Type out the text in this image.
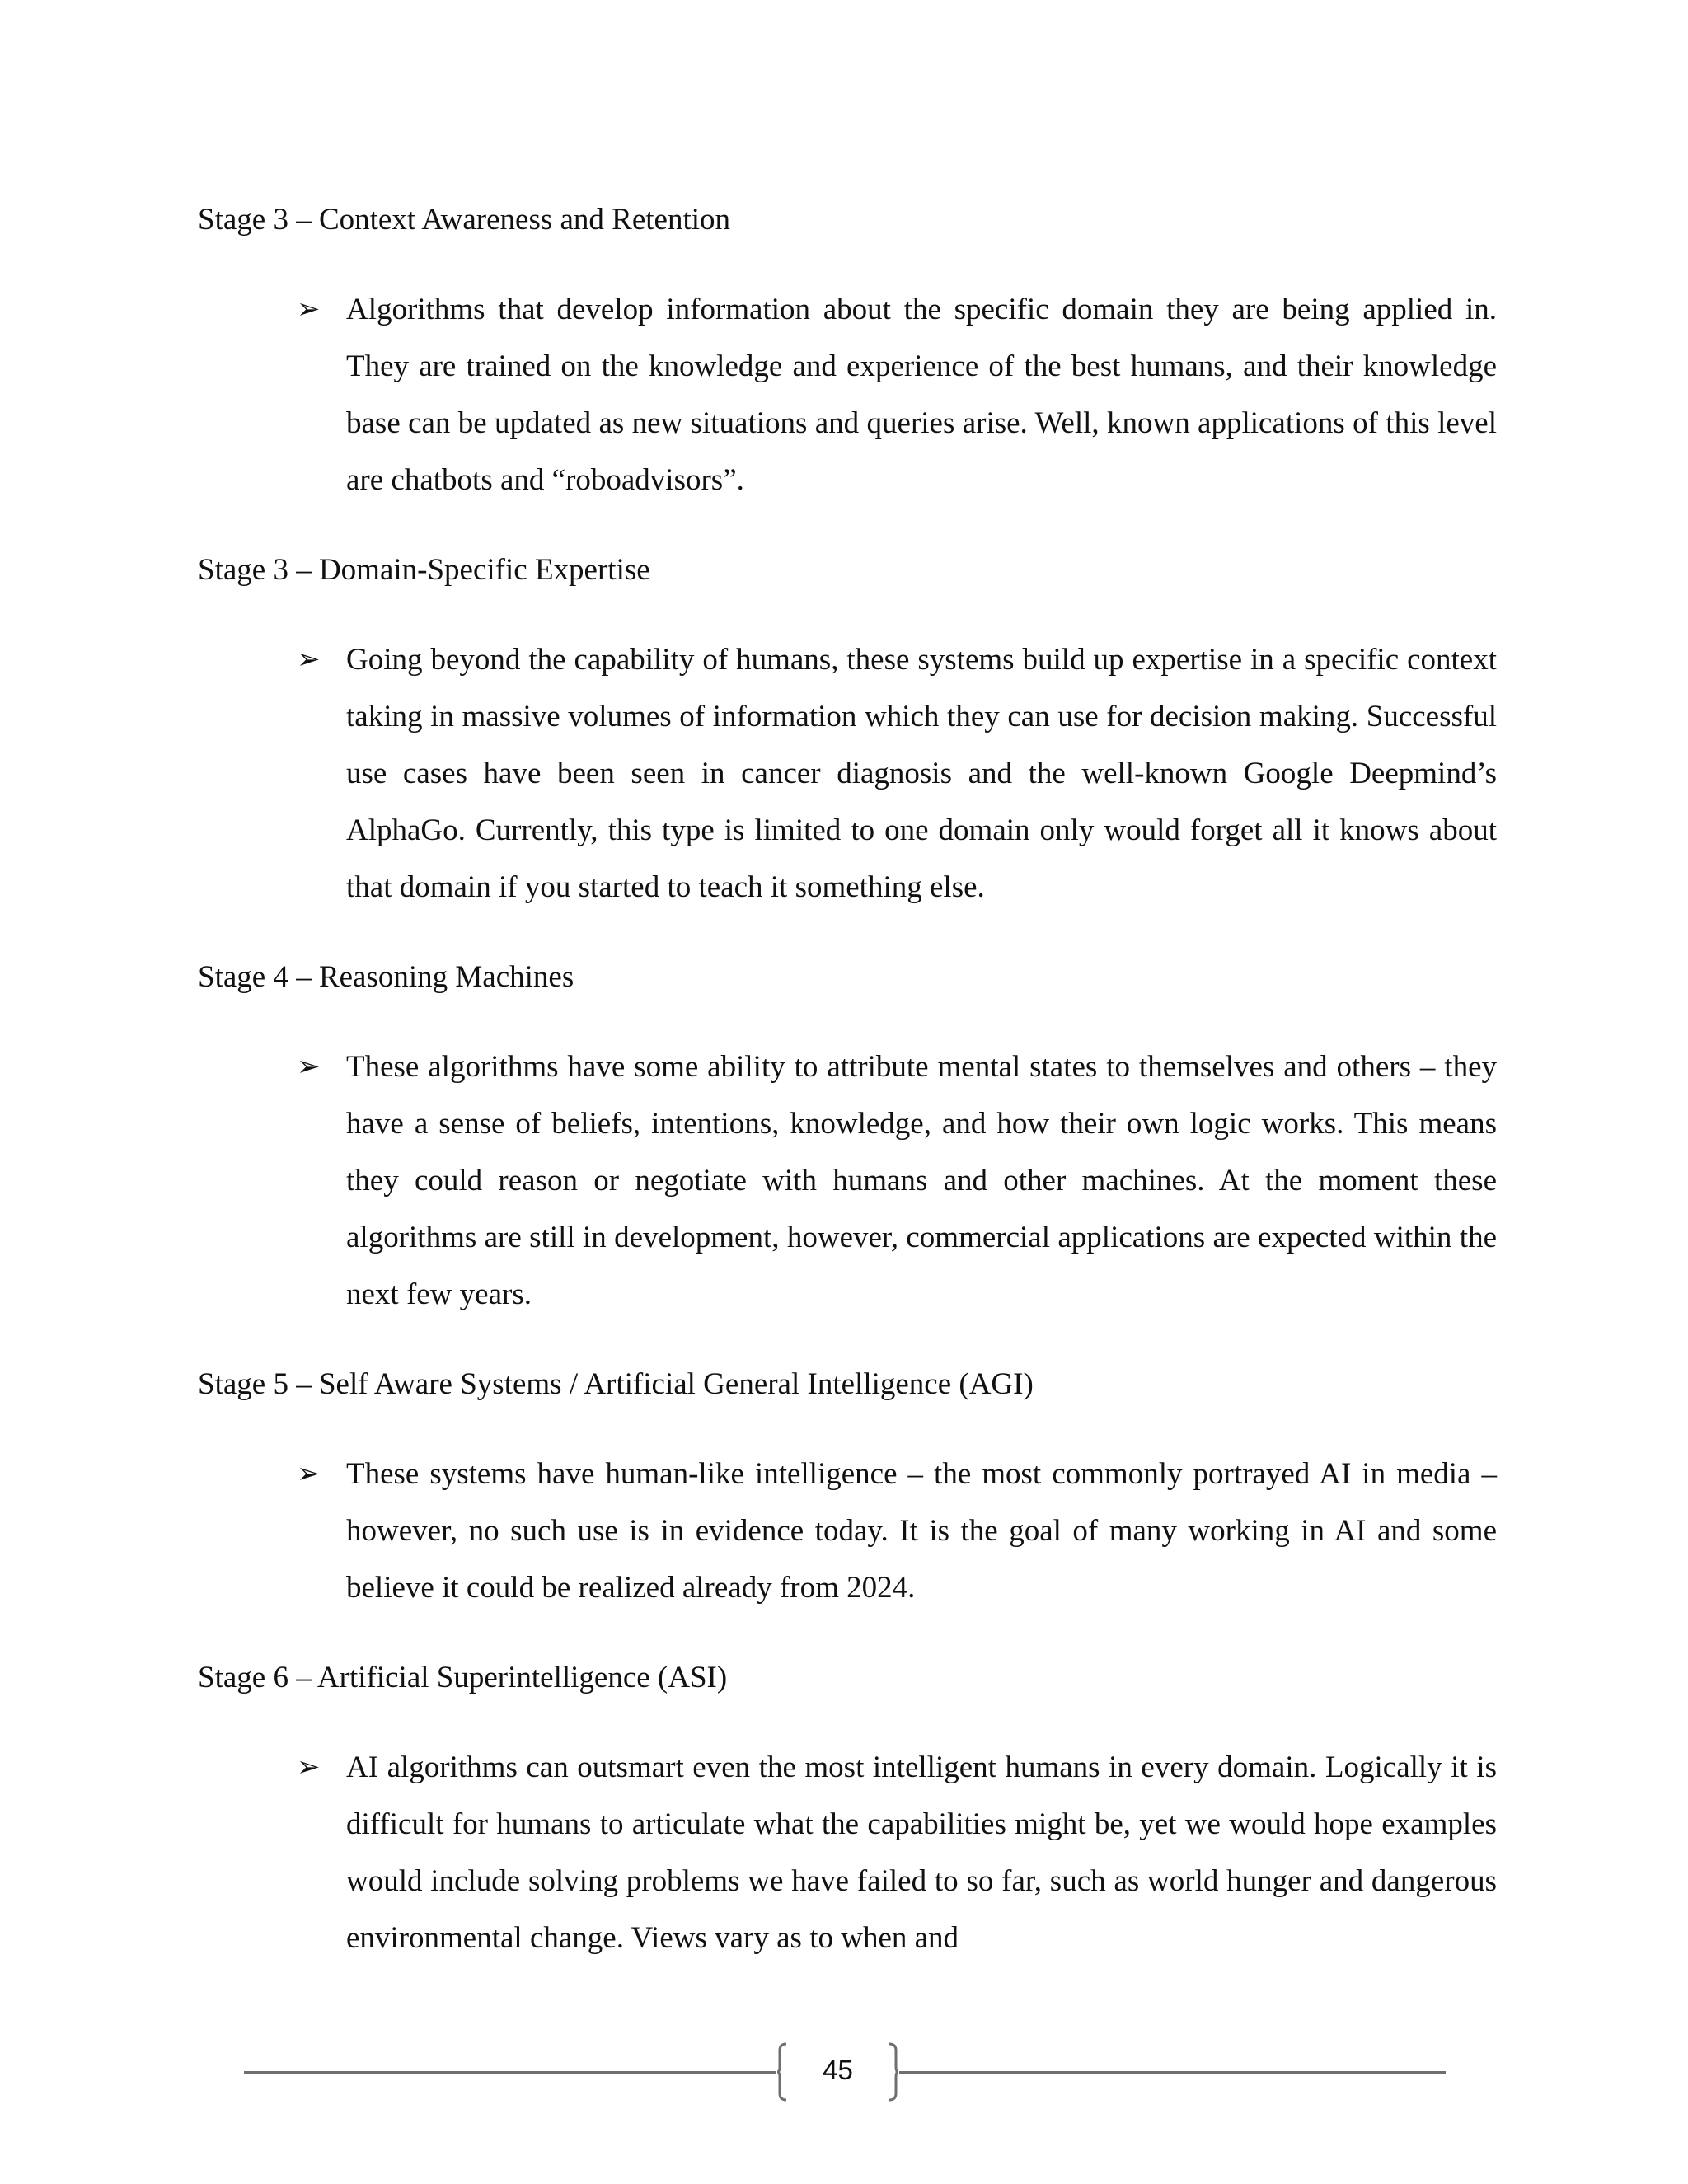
Stage 3 – Context Awareness and Retention
➢ Algorithms that develop information about the specific domain they are being applied in. They are trained on the knowledge and experience of the best humans, and their knowledge base can be updated as new situations and queries arise. Well, known applications of this level are chatbots and “roboadvisors”.

Stage 3 – Domain-Specific Expertise
➢ Going beyond the capability of humans, these systems build up expertise in a specific context taking in massive volumes of information which they can use for decision making. Successful use cases have been seen in cancer diagnosis and the well-known Google Deepmind’s AlphaGo. Currently, this type is limited to one domain only would forget all it knows about that domain if you started to teach it something else.

Stage 4 – Reasoning Machines
➢ These algorithms have some ability to attribute mental states to themselves and others – they have a sense of beliefs, intentions, knowledge, and how their own logic works. This means they could reason or negotiate with humans and other machines. At the moment these algorithms are still in development, however, commercial applications are expected within the next few years.

Stage 5 – Self Aware Systems / Artificial General Intelligence (AGI)
➢ These systems have human-like intelligence – the most commonly portrayed AI in media – however, no such use is in evidence today. It is the goal of many working in AI and some believe it could be realized already from 2024.

Stage 6 – Artificial Superintelligence (ASI)
➢ AI algorithms can outsmart even the most intelligent humans in every domain. Logically it is difficult for humans to articulate what the capabilities might be, yet we would hope examples would include solving problems we have failed to so far, such as world hunger and dangerous environmental change. Views vary as to when and

45
